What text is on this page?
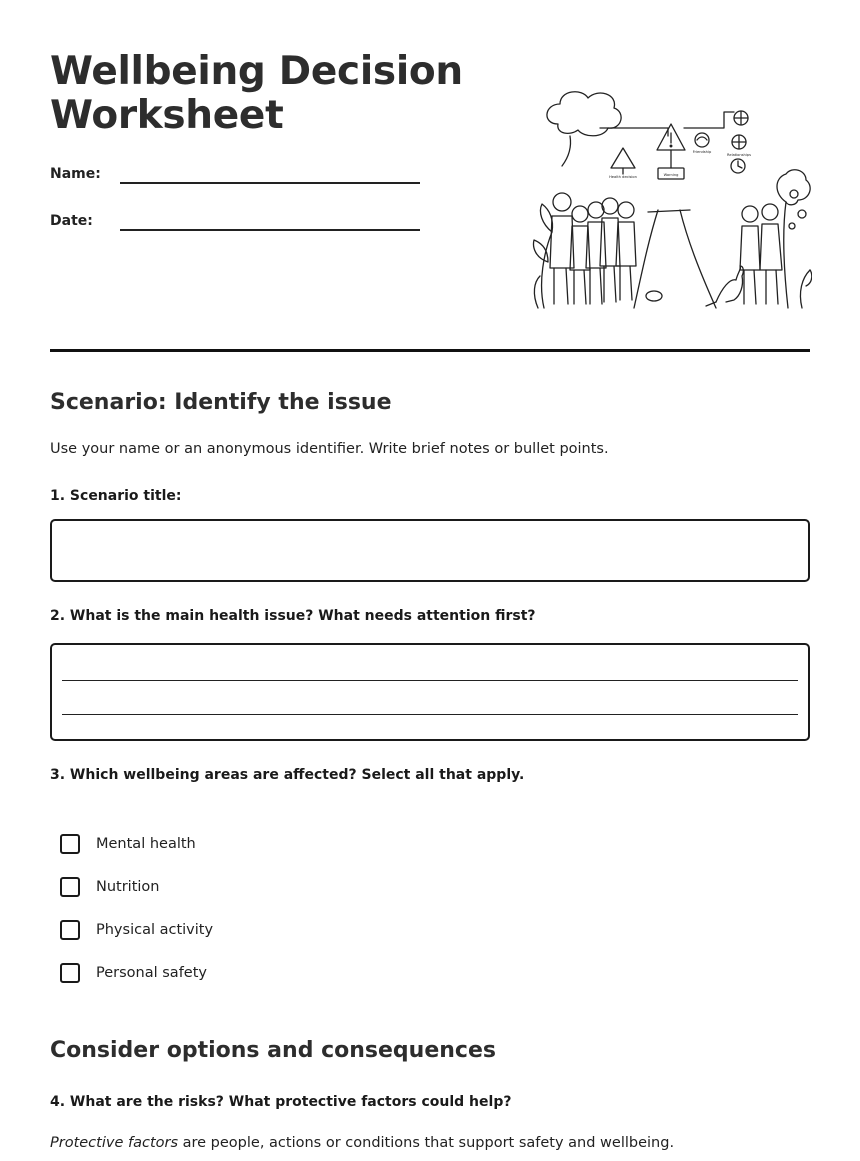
Wellbeing Decision Worksheet
Name:
Date:
Health decision	Warning
Friendship
Relationships
Scenario: Identify the issue

Use your name or an anonymous identifier. Write brief notes or bullet points.

1. Scenario title:

2. What is the main health issue? What needs attention first?

3. Which wellbeing areas are affected? Select all that apply.

Mental health
Nutrition
Physical activity
Personal safety
Consider options and consequences

4. What are the risks? What protective factors could help?

Protective factors are people, actions or conditions that support safety and wellbeing.
